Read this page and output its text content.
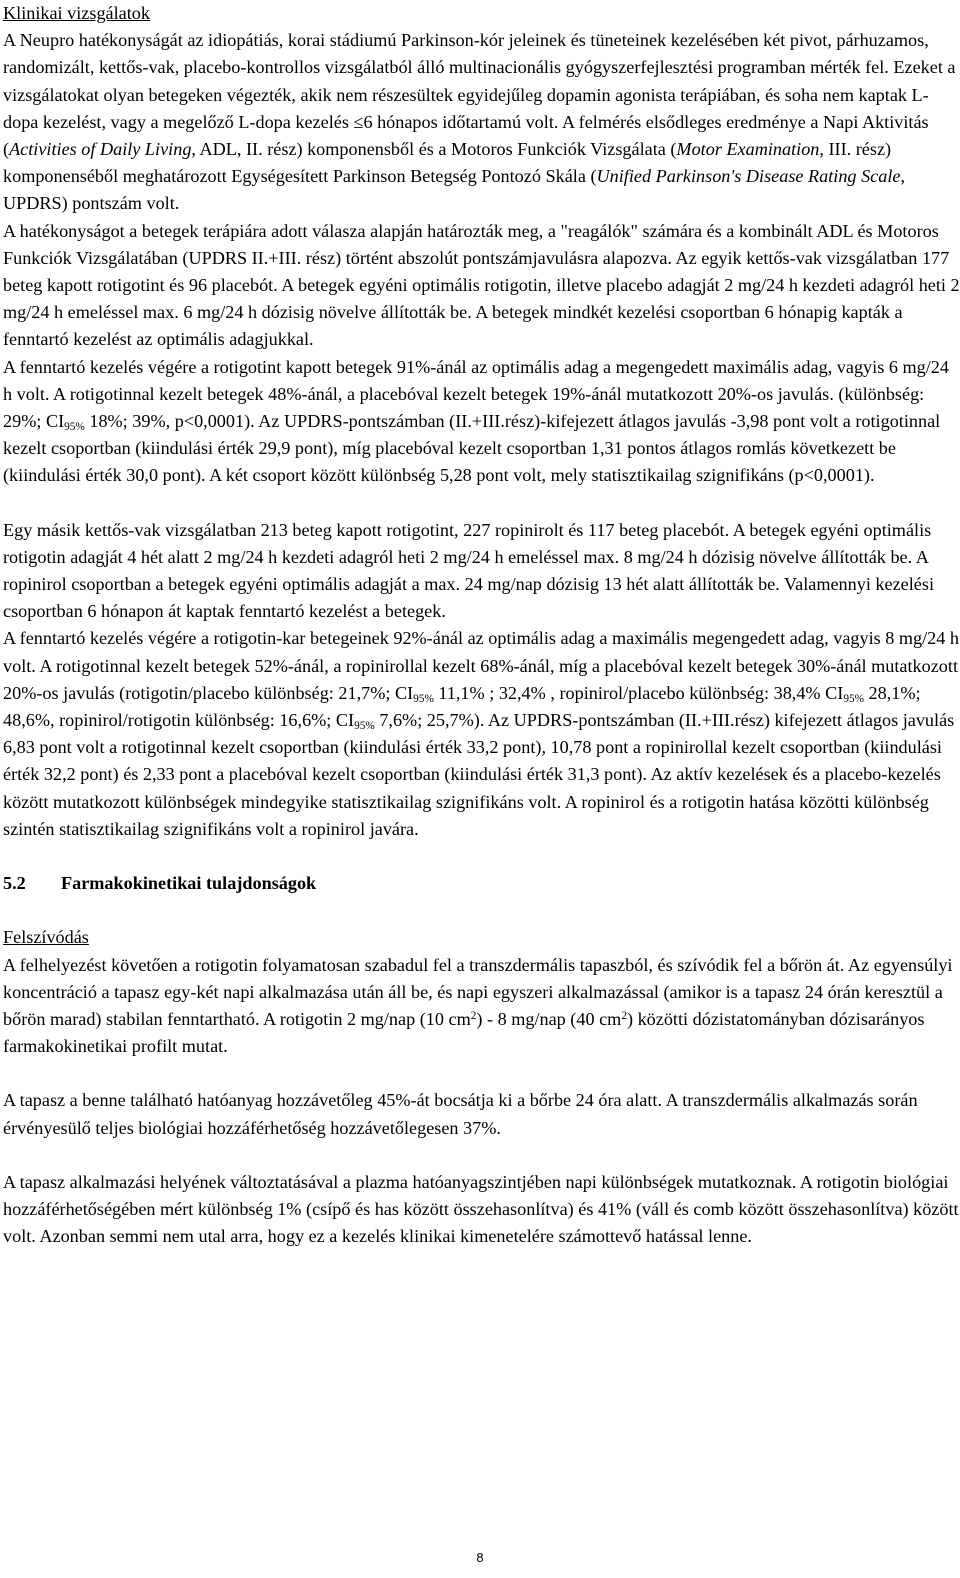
Klinikai vizsgálatok

A Neupro hatékonyságát az idiopátiás, korai stádiumú Parkinson-kór jeleinek és tüneteinek kezelésében két pivot, párhuzamos, randomizált, kettős-vak, placebo-kontrollos vizsgálatból álló multinacionális gyógyszerfejlesztési programban mérték fel. Ezeket a vizsgálatokat olyan betegeken végezték, akik nem részesültek egyidejűleg dopamin agonista terápiában, és soha nem kaptak L-dopa kezelést, vagy a megelőző L-dopa kezelés ≤6 hónapos időtartamú volt. A felmérés elsődleges eredménye a Napi Aktivitás (Activities of Daily Living, ADL, II. rész) komponensből és a Motoros Funkciók Vizsgálata (Motor Examination, III. rész) komponenséből meghatározott Egységesített Parkinson Betegség Pontozó Skála (Unified Parkinson's Disease Rating Scale, UPDRS) pontszám volt.

A hatékonyságot a betegek terápiára adott válasza alapján határozták meg, a "reagálók" számára és a kombinált ADL és Motoros Funkciók Vizsgálatában (UPDRS II.+III. rész) történt abszolút pontszámjavulásra alapozva. Az egyik kettős-vak vizsgálatban 177 beteg kapott rotigotint és 96 placebót. A betegek egyéni optimális rotigotin, illetve placebo adagját 2 mg/24 h kezdeti adagról heti 2 mg/24 h emeléssel max. 6 mg/24 h dózisig növelve állították be. A betegek mindkét kezelési csoportban 6 hónapig kapták a fenntartó kezelést az optimális adagjukkal.

A fenntartó kezelés végére a rotigotint kapott betegek 91%-ánál az optimális adag a megengedett maximális adag, vagyis 6 mg/24 h volt. A rotigotinnal kezelt betegek 48%-ánál, a placebóval kezelt betegek 19%-ánál mutatkozott 20%-os javulás. (különbség: 29%; $CI_{95\%}$ 18%; 39%, p<0,0001). Az UPDRS-pontszámban (II.+III.rész)-kifejezett átlagos javulás -3,98 pont volt a rotigotinnal kezelt csoportban (kiindulási érték 29,9 pont), míg placebóval kezelt csoportban 1,31 pontos átlagos romlás következett be (kiindulási érték 30,0 pont). A két csoport között különbség 5,28 pont volt, mely statisztikailag szignifikáns (p<0,0001).

Egy másik kettős-vak vizsgálatban 213 beteg kapott rotigotint, 227 ropinirolt és 117 beteg placebót. A betegek egyéni optimális rotigotin adagját 4 hét alatt 2 mg/24 h kezdeti adagról heti 2 mg/24 h emeléssel max. 8 mg/24 h dózisig növelve állították be. A ropinirol csoportban a betegek egyéni optimális adagját a max. 24 mg/nap dózisig 13 hét alatt állították be. Valamennyi kezelési csoportban 6 hónapon át kaptak fenntartó kezelést a betegek.

A fenntartó kezelés végére a rotigotin-kar betegeinek 92%-ánál az optimális adag a maximális megengedett adag, vagyis 8 mg/24 h volt. A rotigotinnal kezelt betegek 52%-ánál, a ropinirollal kezelt 68%-ánál, míg a placebóval kezelt betegek 30%-ánál mutatkozott 20%-os javulás (rotigotin/placebo különbség: 21,7%; $CI_{95\%}$ 11,1% ; 32,4% , ropinirol/placebo különbség: 38,4% $CI_{95\%}$ 28,1%; 48,6%, ropinirol/rotigotin különbség: 16,6%; $CI_{95\%}$ 7,6%; 25,7%). Az UPDRS-pontszámban (II.+III.rész) kifejezett átlagos javulás 6,83 pont volt a rotigotinnal kezelt csoportban (kiindulási érték 33,2 pont), 10,78 pont a ropinirollal kezelt csoportban (kiindulási érték 32,2 pont) és 2,33 pont a placebóval kezelt csoportban (kiindulási érték 31,3 pont). Az aktív kezelések és a placebo-kezelés között mutatkozott különbségek mindegyike statisztikailag szignifikáns volt. A ropinirol és a rotigotin hatása közötti különbség szintén statisztikailag szignifikáns volt a ropinirol javára.

5.2 Farmakokinetikai tulajdonságok
Felszívódás

A felhelyezést követően a rotigotin folyamatosan szabadul fel a transzdermális tapaszból, és szívódik fel a bőrön át. Az egyensúlyi koncentráció a tapasz egy-két napi alkalmazása után áll be, és napi egyszeri alkalmazással (amikor is a tapasz 24 órán keresztül a bőrön marad) stabilan fenntartható. A rotigotin 2 mg/nap (10 $cm^2) - 8$ mg/nap (40 $cm^2$) közötti dózistatományban dózisarányos farmakokinetikai profilt mutat.

A tapasz a benne található hatóanyag hozzávetőleg 45%-át bocsátja ki a bőrbe 24 óra alatt. A transzdermális alkalmazás során érvényesülő teljes biológiai hozzáférhetőség hozzávetőlegesen 37%.

A tapasz alkalmazási helyének változtatásával a plazma hatóanyagszintjében napi különbségek mutatkoznak. A rotigotin biológiai hozzáférhetőségében mért különbség 1% (csípő és has között összehasonlítva) és 41% (váll és comb között összehasonlítva) között volt. Azonban semmi nem utal arra, hogy ez a kezelés klinikai kimenetelére számottevő hatással lenne.

8
